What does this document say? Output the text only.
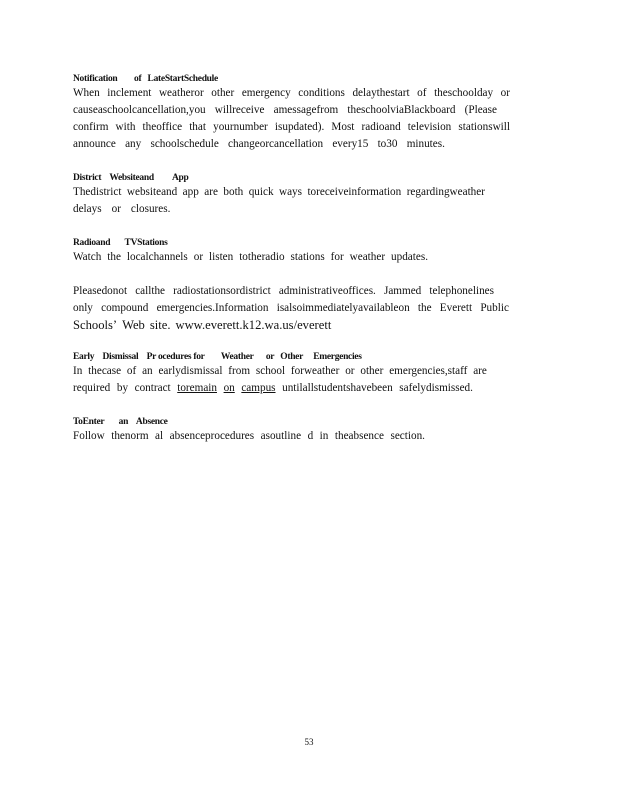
Notification        of   LateStartSchedule
When inclement weatheror other emergency conditions delaythestart of theschoolday or
causeaschoolcancellation,you willreceive amessagefrom theschoolviaBlackboard (Please
confirm with theoffice that yournumber isupdated). Most radioand television stationswill
announce any schoolschedule changeorcancellation every15 to30 minutes.
District    Websiteand         App
Thedistrict websiteand app are both quick ways toreceiveinformation regardingweather
delays or closures.
Radioand       TVStations
Watch the localchannels or listen totheradio stations for weather updates.
Pleasedonot callthe radiostationsordistrict administrativeoffices. Jammed telephonelines
only compound emergencies.Information isalsoimmediatelyavailableon the Everett Public
Schools’ Web site. www.everett.k12.wa.us/everett
Early    Dismissal    Pr ocedures for        Weather      or   Other     Emergencies
In thecase of an earlydismissal from school forweather or other emergencies,staff are
required by contract toremain on campus untilallstudentshavebeen safelydismissed.
ToEnter       an    Absence
Follow thenorm al absenceprocedures asoutline d in theabsence section.
53
